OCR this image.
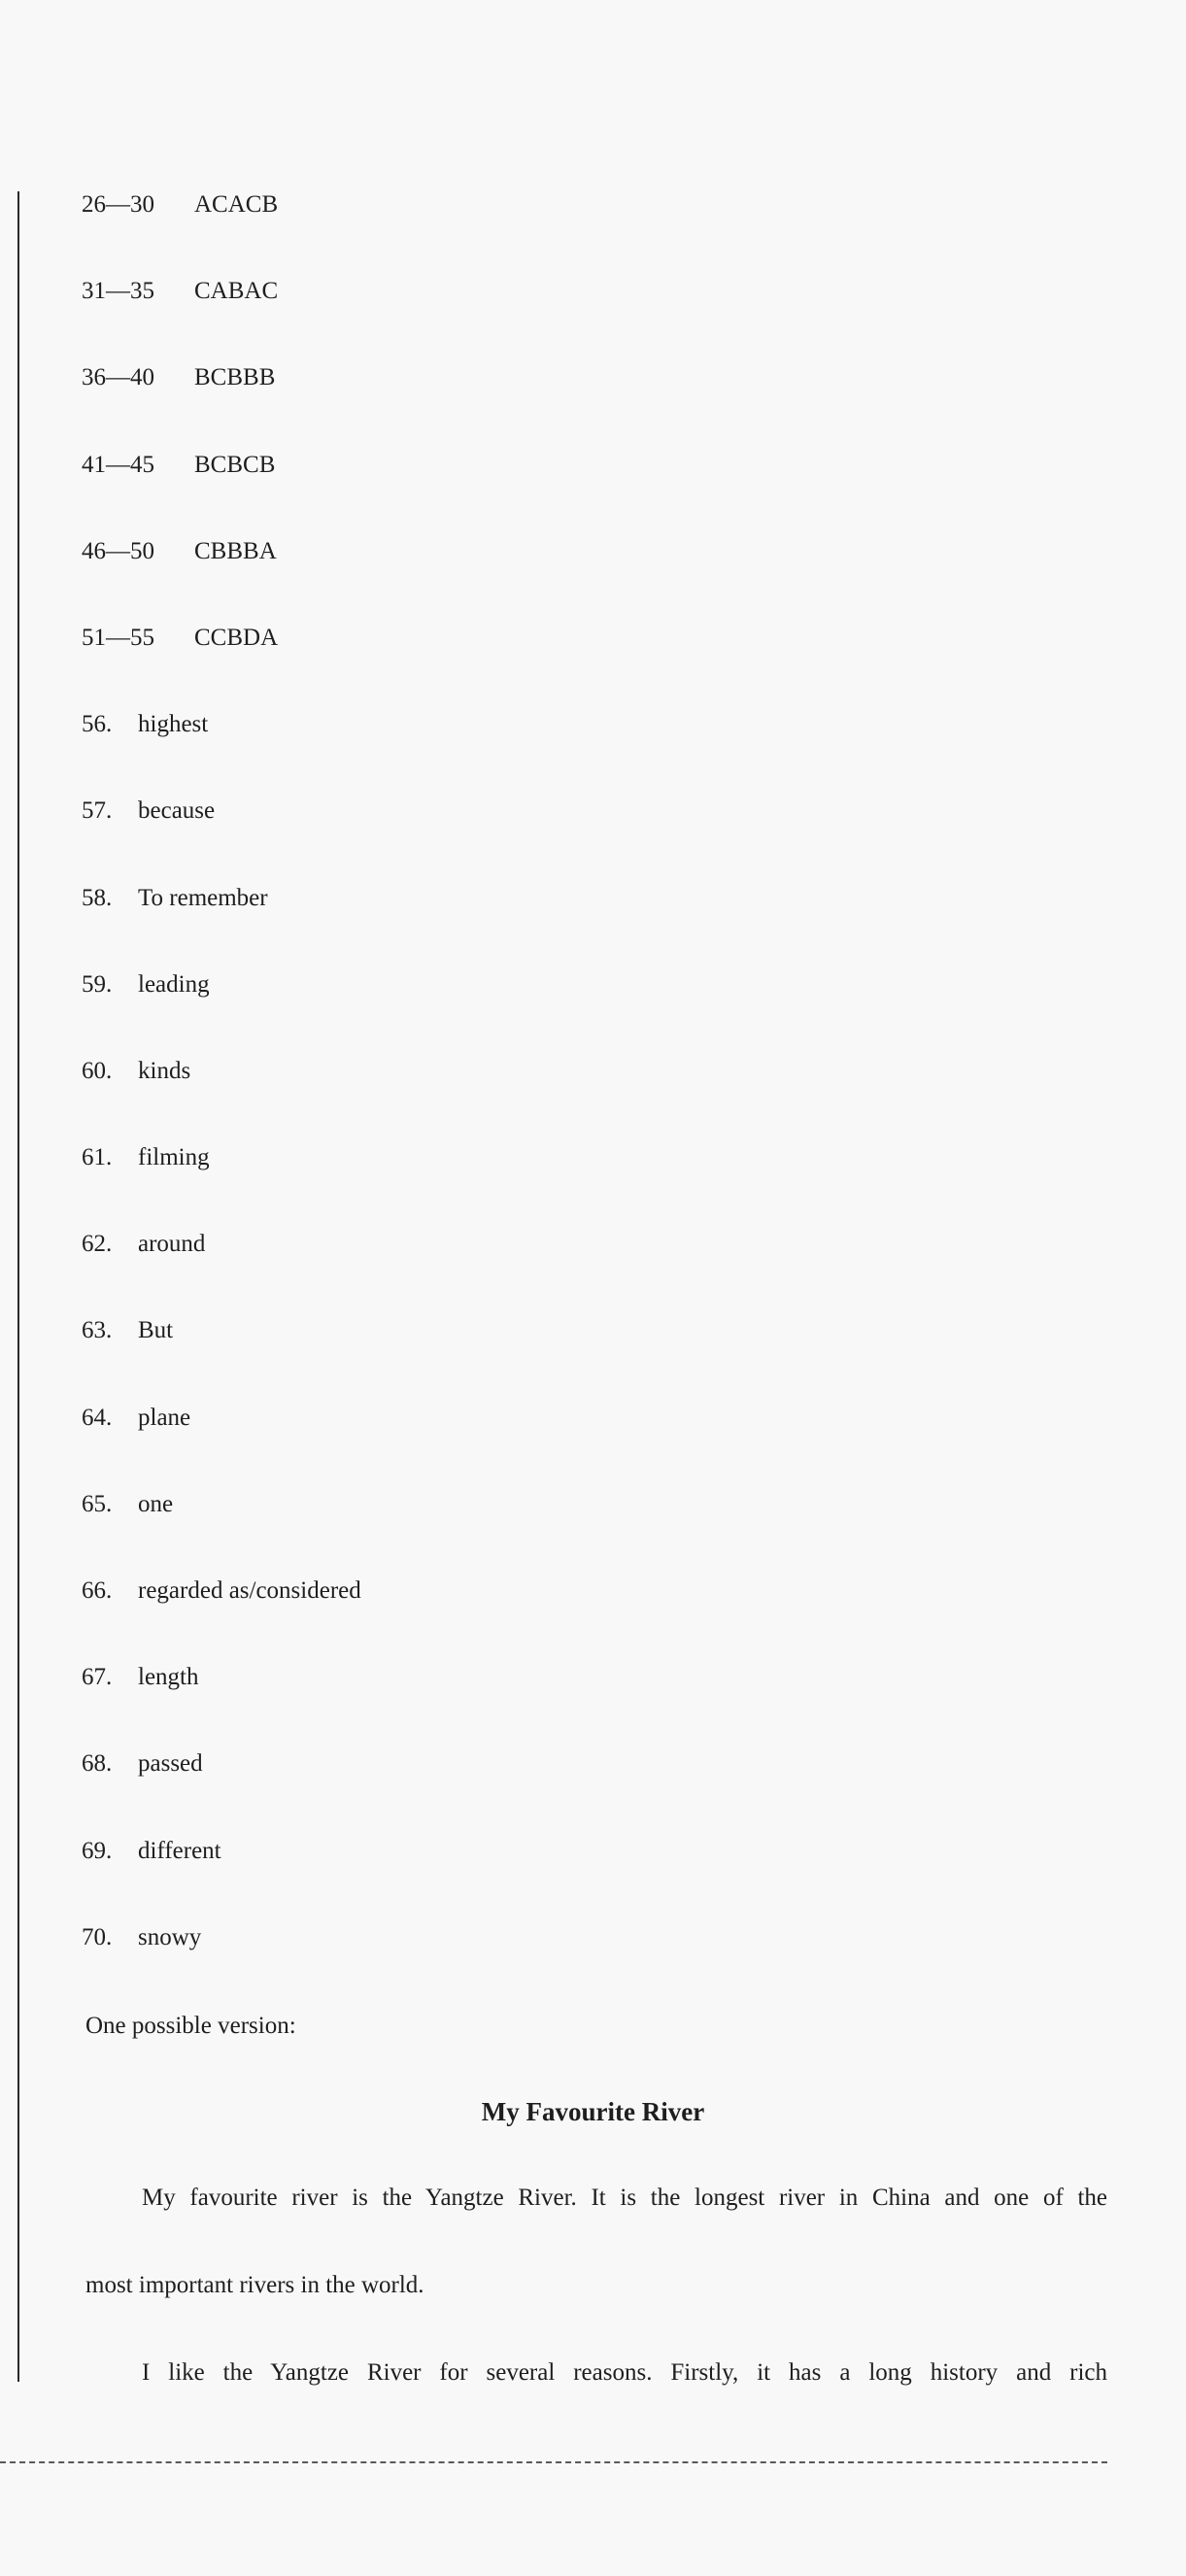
26—30 ACACB
31—35 CABAC
36—40 BCBBB
41—45 BCBCB
46—50 CBBBA
51—55 CCBDA
56. highest
57. because
58. To remember
59. leading
60. kinds
61. filming
62. around
63. But
64. plane
65. one
66. regarded as/considered
67. length
68. passed
69. different
70. snowy

One possible version:

My Favourite River

My favourite river is the Yangtze River. It is the longest river in China and one of the

most important rivers in the world.

I like the Yangtze River for several reasons. Firstly, it has a long history and rich
